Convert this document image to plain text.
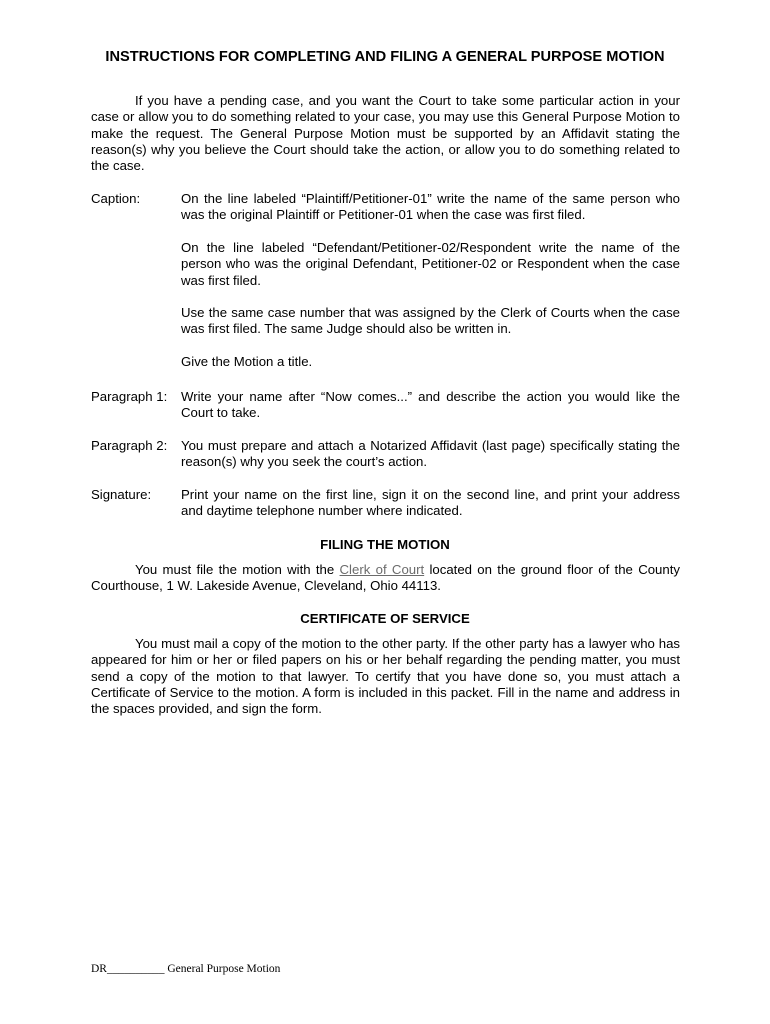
INSTRUCTIONS FOR COMPLETING AND FILING A GENERAL PURPOSE MOTION

If you have a pending case, and you want the Court to take some particular action in your case or allow you to do something related to your case, you may use this General Purpose Motion to make the request. The General Purpose Motion must be supported by an Affidavit stating the reason(s) why you believe the Court should take the action, or allow you to do something related to the case.

Caption:	On the line labeled “Plaintiff/Petitioner-01” write the name of the same person who was the original Plaintiff or Petitioner-01 when the case was first filed.

On the line labeled “Defendant/Petitioner-02/Respondent write the name of the person who was the original Defendant, Petitioner-02 or Respondent when the case was first filed.

Use the same case number that was assigned by the Clerk of Courts when the case was first filed. The same Judge should also be written in.

Give the Motion a title.

Paragraph 1: Write your name after “Now comes...” and describe the action you would like the Court to take.

Paragraph 2: You must prepare and attach a Notarized Affidavit (last page) specifically stating the reason(s) why you seek the court’s action.

Signature: Print your name on the first line, sign it on the second line, and print your address and daytime telephone number where indicated.

FILING THE MOTION

You must file the motion with the Clerk of Court located on the ground floor of the County Courthouse, 1 W. Lakeside Avenue, Cleveland, Ohio 44113.

CERTIFICATE OF SERVICE

You must mail a copy of the motion to the other party. If the other party has a lawyer who has appeared for him or her or filed papers on his or her behalf regarding the pending matter, you must send a copy of the motion to that lawyer. To certify that you have done so, you must attach a Certificate of Service to the motion. A form is included in this packet. Fill in the name and address in the spaces provided, and sign the form.

DR__________ General Purpose Motion
